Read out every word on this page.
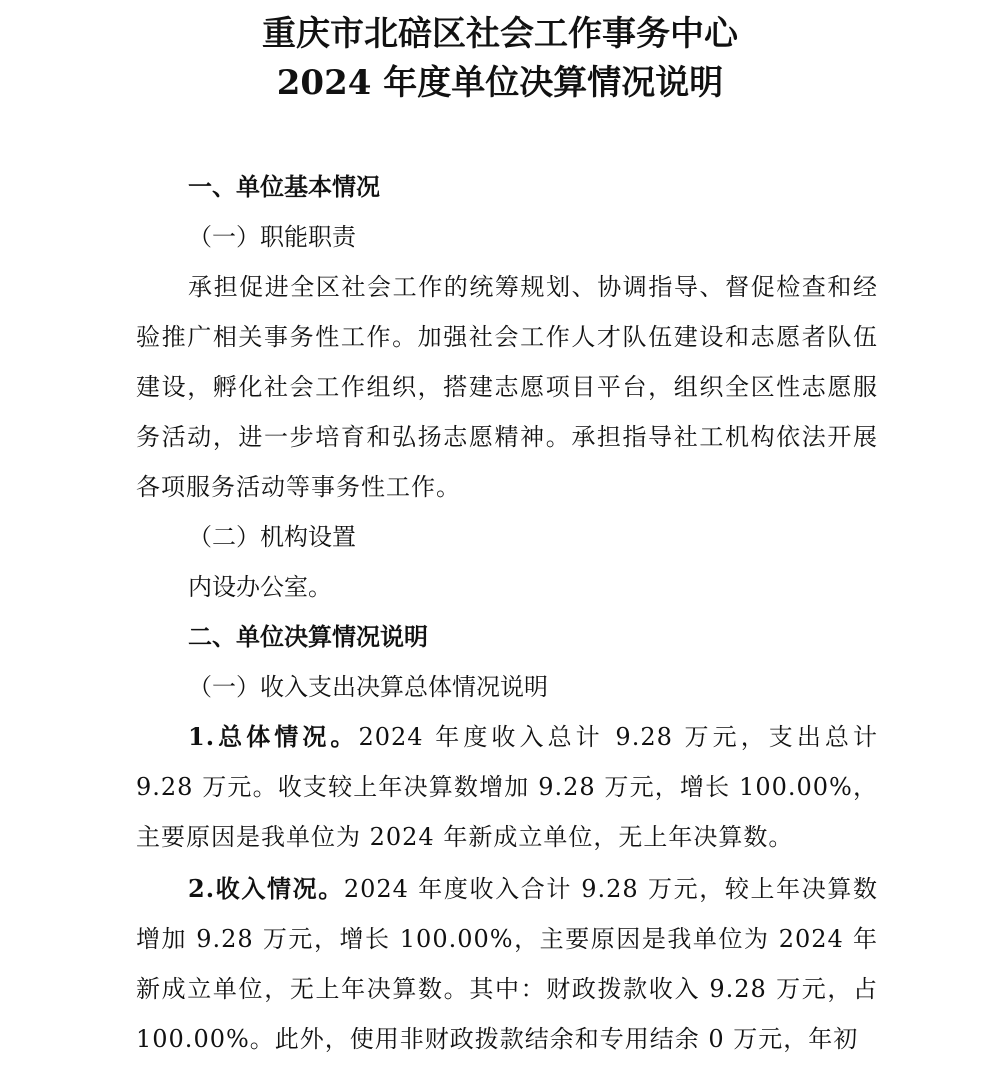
重庆市北碚区社会工作事务中心
2024 年度单位决算情况说明
一、单位基本情况
（一）职能职责
承担促进全区社会工作的统筹规划、协调指导、督促检查和经验推广相关事务性工作。加强社会工作人才队伍建设和志愿者队伍建设，孵化社会工作组织，搭建志愿项目平台，组织全区性志愿服务活动，进一步培育和弘扬志愿精神。承担指导社工机构依法开展各项服务活动等事务性工作。
（二）机构设置
内设办公室。
二、单位决算情况说明
（一）收入支出决算总体情况说明
1.总体情况。2024 年度收入总计 9.28 万元，支出总计 9.28 万元。收支较上年决算数增加 9.28 万元，增长 100.00%，主要原因是我单位为 2024 年新成立单位，无上年决算数。
2.收入情况。2024 年度收入合计 9.28 万元，较上年决算数增加 9.28 万元，增长 100.00%，主要原因是我单位为 2024 年新成立单位，无上年决算数。其中：财政拨款收入 9.28 万元，占 100.00%。此外，使用非财政拨款结余和专用结余 0 万元，年初
